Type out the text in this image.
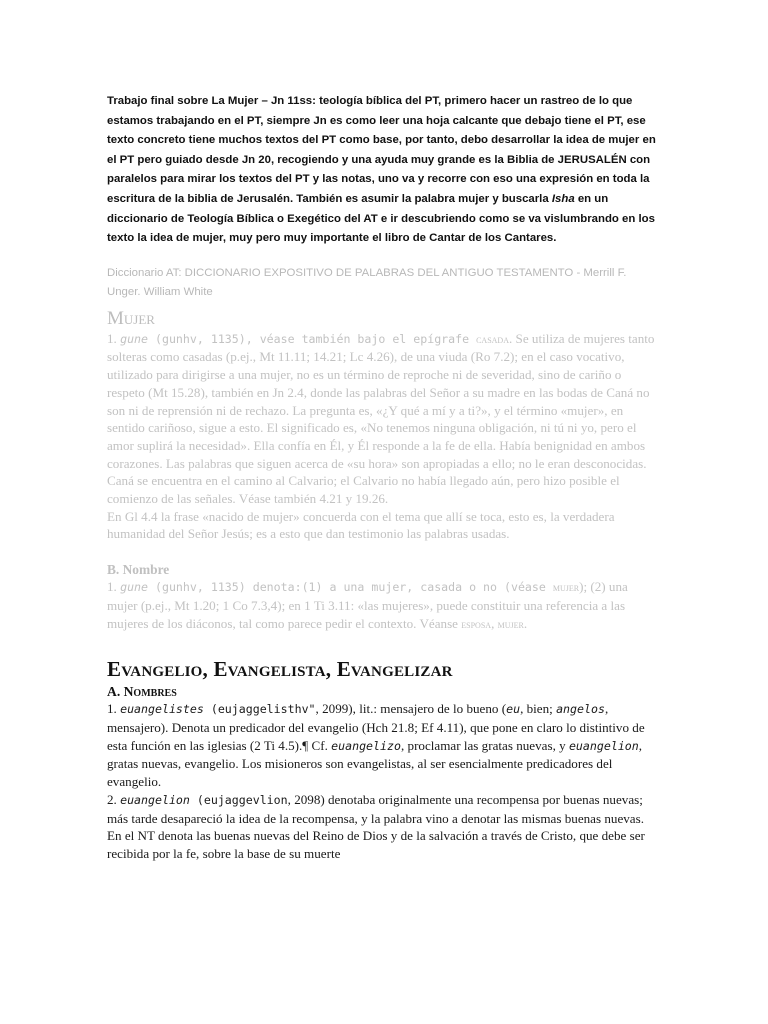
Trabajo final sobre La Mujer – Jn 11ss: teología bíblica del PT, primero hacer un rastreo de lo que estamos trabajando en el PT, siempre Jn es como leer una hoja calcante que debajo tiene el PT, ese texto concreto tiene muchos textos del PT como base, por tanto, debo desarrollar la idea de mujer en el PT pero guiado desde Jn 20, recogiendo y una ayuda muy grande es la Biblia de JERUSALÉN con paralelos para mirar los textos del PT y las notas, uno va y recorre con eso una expresión en toda la escritura de la biblia de Jerusalén. También es asumir la palabra mujer y buscarla Isha en un diccionario de Teología Bíblica o Exegético del AT e ir descubriendo como se va vislumbrando en los texto la idea de mujer, muy pero muy importante el libro de Cantar de los Cantares.

Diccionario AT: DICCIONARIO EXPOSITIVO DE PALABRAS DEL ANTIGUO TESTAMENTO - Merrill F. Unger. William White

Mujer

1. gune (gunhv, 1135), véase también bajo el epígrafe casada. Se utiliza de mujeres tanto solteras como casadas (p.ej., Mt 11.11; 14.21; Lc 4.26), de una viuda (Ro 7.2); en el caso vocativo, utilizado para dirigirse a una mujer, no es un término de reproche ni de severidad, sino de cariño o respeto (Mt 15.28), también en Jn 2.4, donde las palabras del Señor a su madre en las bodas de Caná no son ni de reprensión ni de rechazo. La pregunta es, «¿Y qué a mí y a ti?», y el término «mujer», en sentido cariñoso, sigue a esto. El significado es, «No tenemos ninguna obligación, ni tú ni yo, pero el amor suplirá la necesidad». Ella confía en Él, y Él responde a la fe de ella. Había benignidad en ambos corazones. Las palabras que siguen acerca de «su hora» son apropiadas a ello; no le eran desconocidas. Caná se encuentra en el camino al Calvario; el Calvario no había llegado aún, pero hizo posible el comienzo de las señales. Véase también 4.21 y 19.26.

En Gl 4.4 la frase «nacido de mujer» concuerda con el tema que allí se toca, esto es, la verdadera humanidad del Señor Jesús; es a esto que dan testimonio las palabras usadas.

B. Nombre

1. gune (gunhv, 1135) denota:(1) a una mujer, casada o no (véase mujer); (2) una mujer (p.ej., Mt 1.20; 1 Co 7.3,4); en 1 Ti 3.11: «las mujeres», puede constituir una referencia a las mujeres de los diáconos, tal como parece pedir el contexto. Véanse esposa, mujer.

Evangelio, Evangelista, Evangelizar
A. Nombres

1. euangelistes (eujaggelisthv", 2099), lit.: mensajero de lo bueno (eu, bien; angelos, mensajero). Denota un predicador del evangelio (Hch 21.8; Ef 4.11), que pone en claro lo distintivo de esta función en las iglesias (2 Ti 4.5).¶ Cf. euangelizo, proclamar las gratas nuevas, y euangelion, gratas nuevas, evangelio. Los misioneros son evangelistas, al ser esencialmente predicadores del evangelio.

2. euangelion (eujaggevlion, 2098) denotaba originalmente una recompensa por buenas nuevas; más tarde desapareció la idea de la recompensa, y la palabra vino a denotar las mismas buenas nuevas. En el NT denota las buenas nuevas del Reino de Dios y de la salvación a través de Cristo, que debe ser recibida por la fe, sobre la base de su muerte
